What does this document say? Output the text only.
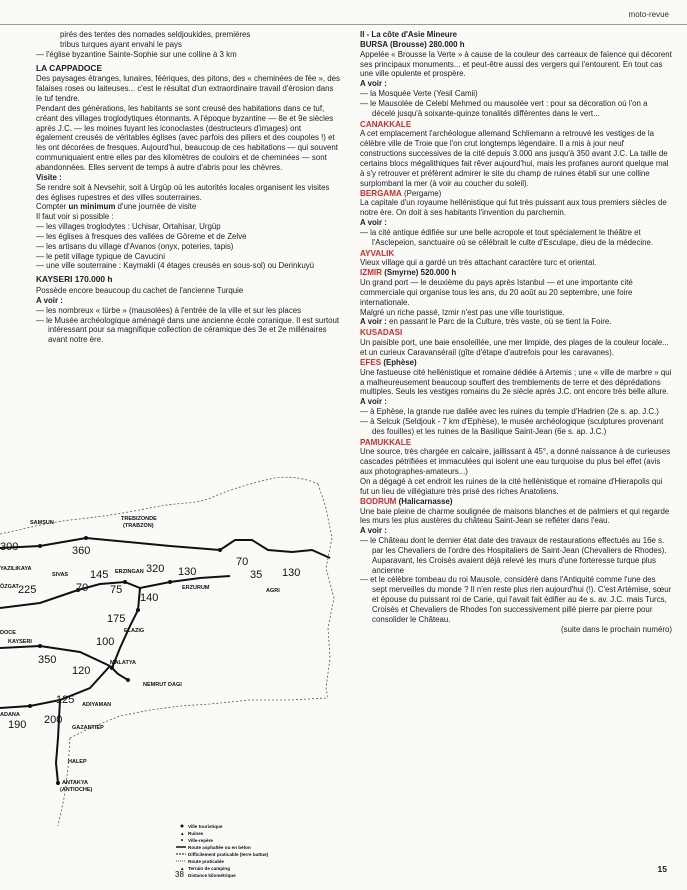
moto-revue

pirés des tentes des nomades seldjoukides, premières

tribus turques ayant envahi le pays

— l'église byzantine Sainte-Sophie sur une colline à 3 km

LA CAPPADOCE

Des paysages étranges, lunaires, féériques, des pitons, des « cheminées de fée », des falaises roses ou laiteuses... c'est le résultat d'un extraordinaire travail d'érosion dans le tuf tendre.

Pendant des générations, les habitants se sont creusé des habitations dans ce tuf, créant des villages troglodytiques étonnants. A l'époque byzantine — 8e et 9e siècles après J.C. — les moines fuyant les iconoclastes (destructeurs d'images) ont également creusés de véritables églises (avec parfois des piliers et des coupoles !) et les ont décorées de fresques. Aujourd'hui, beaucoup de ces habitations — qui souvent communiquaient entre elles par des kilomètres de couloirs et de cheminées — sont abandonnées. Elles servent de temps à autre d'abris pour les chèvres.

Visite :

Se rendre soit à Nevsehir, soit à Urgüp où les autorités locales organisent les visites des églises rupestres et des villes souterraines.

Compter un minimum d'une journée de visite

Il faut voir si possible :

— les villages troglodytes : Uchisar, Ortahisar, Urgüp

— les églises à fresques des vallées de Göreme et de Zelve

— les artisans du village d'Avanos (onyx, poteries, tapis)

— le petit village typique de Cavucini

— une ville souterraine : Kaymakli (4 étages creusés en sous-sol) ou Derinkuyü

KAYSERI 170.000 h

Possède encore beaucoup du cachet de l'ancienne Turquie

A voir :

— les nombreux « türbe » (mausolées) à l'entrée de la ville et sur les places

— le Musée archéologique aménagé dans une ancienne école coranique. Il est surtout intéressant pour sa magnifique collection de céramique des 3e et 2e millénaires avant notre ère.

SAMSUN
TREBIZONDE
(TRABZON)
YAZILIKAYA
SIVAS	ERZINGAN
ERZURUM	AGRI
ÖZGAT
DOCE
KAYSERI
ELAZIG
MALATYA
NEMRUT DAGI
ADIYAMAN
ADANA
GAZANTIEP
HALEP
ANTAKYA
(ANTIOCHE)
300	360
320 130
70
35 130
225
145
70 75
140
175
100
350
120
125
190 200
Ville touristique
▲ Ruines
Ville-repère
Route asphaltée ou en béton
Difficilement praticable (terre battue)
Route praticable
▲ Terrain de camping
38 Distance kilométrique
II - La côte d'Asie Mineure
BURSA (Brousse) 280.000 h

Appelée « Brousse la Verte » à cause de la couleur des carreaux de faïence qui décorent ses principaux monuments... et peut-être aussi des vergers qui l'entourent. En tout cas une ville opulente et prospère.

A voir :

— la Mosquée Verte (Yesil Camii)

— le Mausolée de Celebi Mehmed ou mausolée vert : pour sa décoration où l'on a décelé jusqu'à soixante-quinze tonalités différentes dans le vert...

CANAKKALE

A cet emplacement l'archéologue allemand Schliemann a retrouvé les vestiges de la célèbre ville de Troie que l'on crut longtemps légendaire. Il a mis à jour neuf constructions successives de la cité depuis 3.000 ans jusqu'à 350 avant J.C. La taille de certains blocs mégalithiques fait rêver aujourd'hui, mais les profanes auront quelque mal à s'y retrouver et préfèrent admirer le site du champ de ruines établi sur une colline surplombant la mer (à voir au coucher du soleil).

BERGAMA (Pergame)

La capitale d'un royaume hellénistique qui fut très puissant aux tous premiers siècles de notre ère. On doit à ses habitants l'invention du parchemin.

A voir :

— la cité antique édifiée sur une belle acropole et tout spécialement le théâtre et l'Asclepeion, sanctuaire où se célébrait le culte d'Esculape, dieu de la médecine.

AYVALIK

Vieux village qui a gardé un très attachant caractère turc et oriental.

IZMIR (Smyrne) 520.000 h

Un grand port — le deuxième du pays après Istanbul — et une importante cité commerciale qui organise tous les ans, du 20 août au 20 septembre, une foire internationale.

Malgré un riche passé, Izmir n'est pas une ville touristique.

A voir : en passant le Parc de la Culture, très vaste, où se tient la Foire.

KUSADASI

Un paisible port, une baie ensoleillée, une mer limpide, des plages de la couleur locale... et un curieux Caravansérail (gîte d'étape d'autrefois pour les caravanes).

EFES (Ephèse)

Une fastueuse cité hellénistique et romaine dédiée à Artemis ; une « ville de marbre » qui a malheureusement beaucoup souffert des tremblements de terre et des déprédations multiples. Seuls les vestiges romains du 2e siècle après J.C. ont encore très belle allure.

A voir :

— à Ephèse, la grande rue dallée avec les ruines du temple d'Hadrien (2e s. ap. J.C.)

— à Selcuk (Seldjouk - 7 km d'Ephèse), le musée archéologique (sculptures provenant des fouilles) et les ruines de la Basilique Saint-Jean (6e s. ap. J.C.)

PAMUKKALE

Une source, très chargée en calcaire, jaillissant à 45°, a donné naissance à de curieuses cascades pétrifiées et immaculées qui isolent une eau turquoise du plus bel effet (avis aux photographes-amateurs...)

On a dégagé à cet endroit les ruines de la cité hellénistique et romaine d'Hierapolis qui fut un lieu de villégiature très prisé des riches Anatoliens.

BODRUM (Halicarnasse)

Une baie pleine de charme soulignée de maisons blanches et de palmiers et qui regarde les murs les plus austères du château Saint-Jean se refléter dans l'eau.

A voir :

— le Château dont le dernier état date des travaux de restaurations effectués au 16e s. par les Chevaliers de l'ordre des Hospitaliers de Saint-Jean (Chevaliers de Rhodes). Auparavant, les Croisés avaient déjà relevé les murs d'une forteresse turque plus ancienne

— et le célèbre tombeau du roi Mausole, considéré dans l'Antiquité comme l'une des sept merveilles du monde ? Il n'en reste plus rien aujourd'hui (!). C'est Artémise, sœur et épouse du puissant roi de Carie, qui l'avait fait édifier au 4e s. av. J.C. mais Turcs, Croisés et Chevaliers de Rhodes l'on successivement pillé pierre par pierre pour consolider le Château.

(suite dans le prochain numéro)

15
